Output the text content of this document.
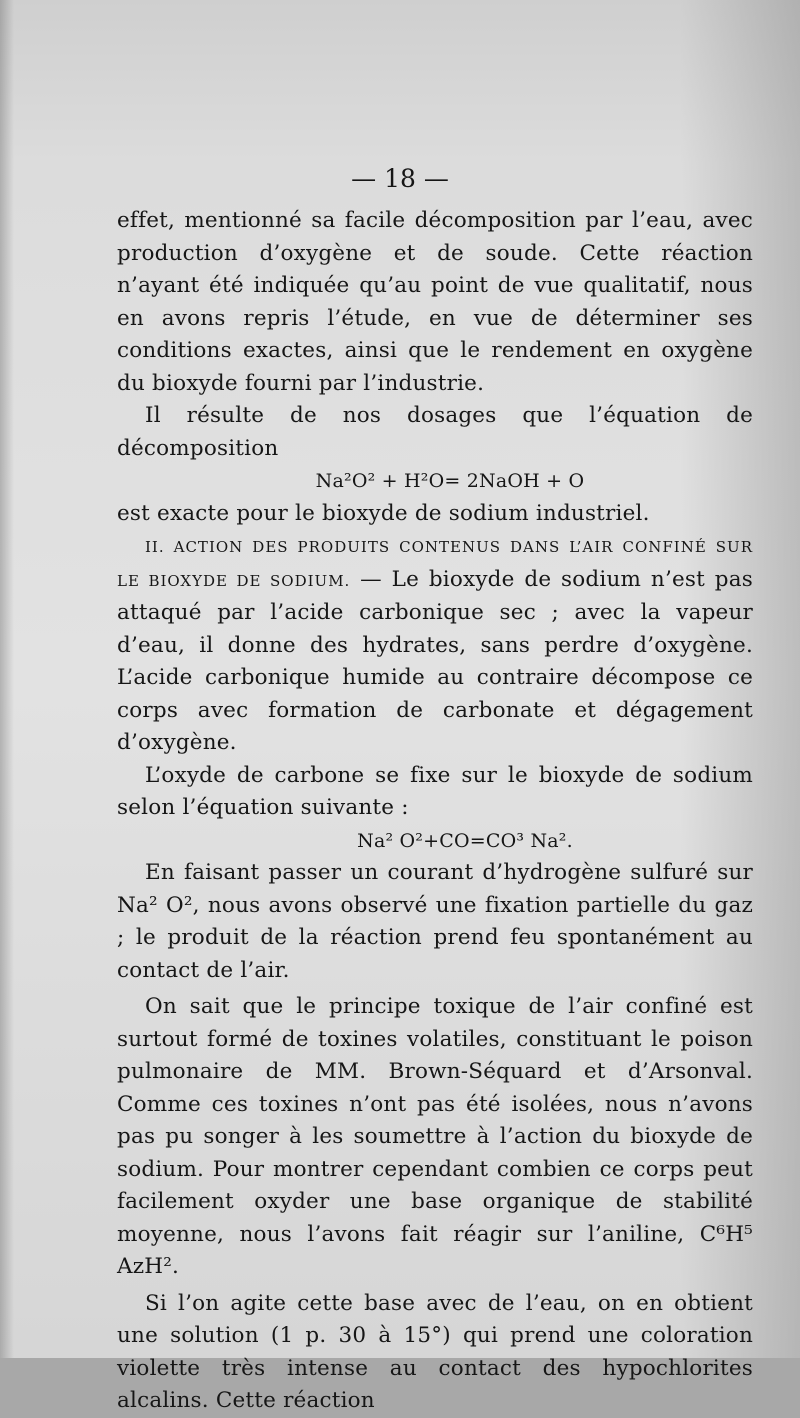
— 18 —

effet, mentionné sa facile décomposition par l’eau, avec production d’oxygène et de soude. Cette réaction n’ayant été indiquée qu’au point de vue qualitatif, nous en avons repris l’étude, en vue de déterminer ses conditions exactes, ainsi que le rendement en oxygène du bioxyde fourni par l’industrie.

Il résulte de nos dosages que l’équation de décomposition

Na²O² + H²O= 2NaOH + O

est exacte pour le bioxyde de sodium industriel.

II. ACTION DES PRODUITS CONTENUS DANS L’AIR CONFINÉ SUR LE BIOXYDE DE SODIUM. — Le bioxyde de sodium n’est pas attaqué par l’acide carbonique sec ; avec la vapeur d’eau, il donne des hydrates, sans perdre d’oxygène. L’acide carbonique humide au contraire décompose ce corps avec formation de carbonate et dégagement d’oxygène.

L’oxyde de carbone se fixe sur le bioxyde de sodium selon l’équation suivante :

Na² O²+CO=CO³ Na².

En faisant passer un courant d’hydrogène sulfuré sur Na² O², nous avons observé une fixation partielle du gaz ; le produit de la réaction prend feu spontanément au contact de l’air.

On sait que le principe toxique de l’air confiné est surtout formé de toxines volatiles, constituant le poison pulmonaire de MM. Brown-Séquard et d’Arsonval. Comme ces toxines n’ont pas été isolées, nous n’avons pas pu songer à les soumettre à l’action du bioxyde de sodium. Pour montrer cependant combien ce corps peut facilement oxyder une base organique de stabilité moyenne, nous l’avons fait réagir sur l’aniline, C⁶H⁵ AzH².

Si l’on agite cette base avec de l’eau, on en obtient une solution (1 p. 30 à 15°) qui prend une coloration violette très intense au contact des hypochlorites alcalins. Cette réaction
